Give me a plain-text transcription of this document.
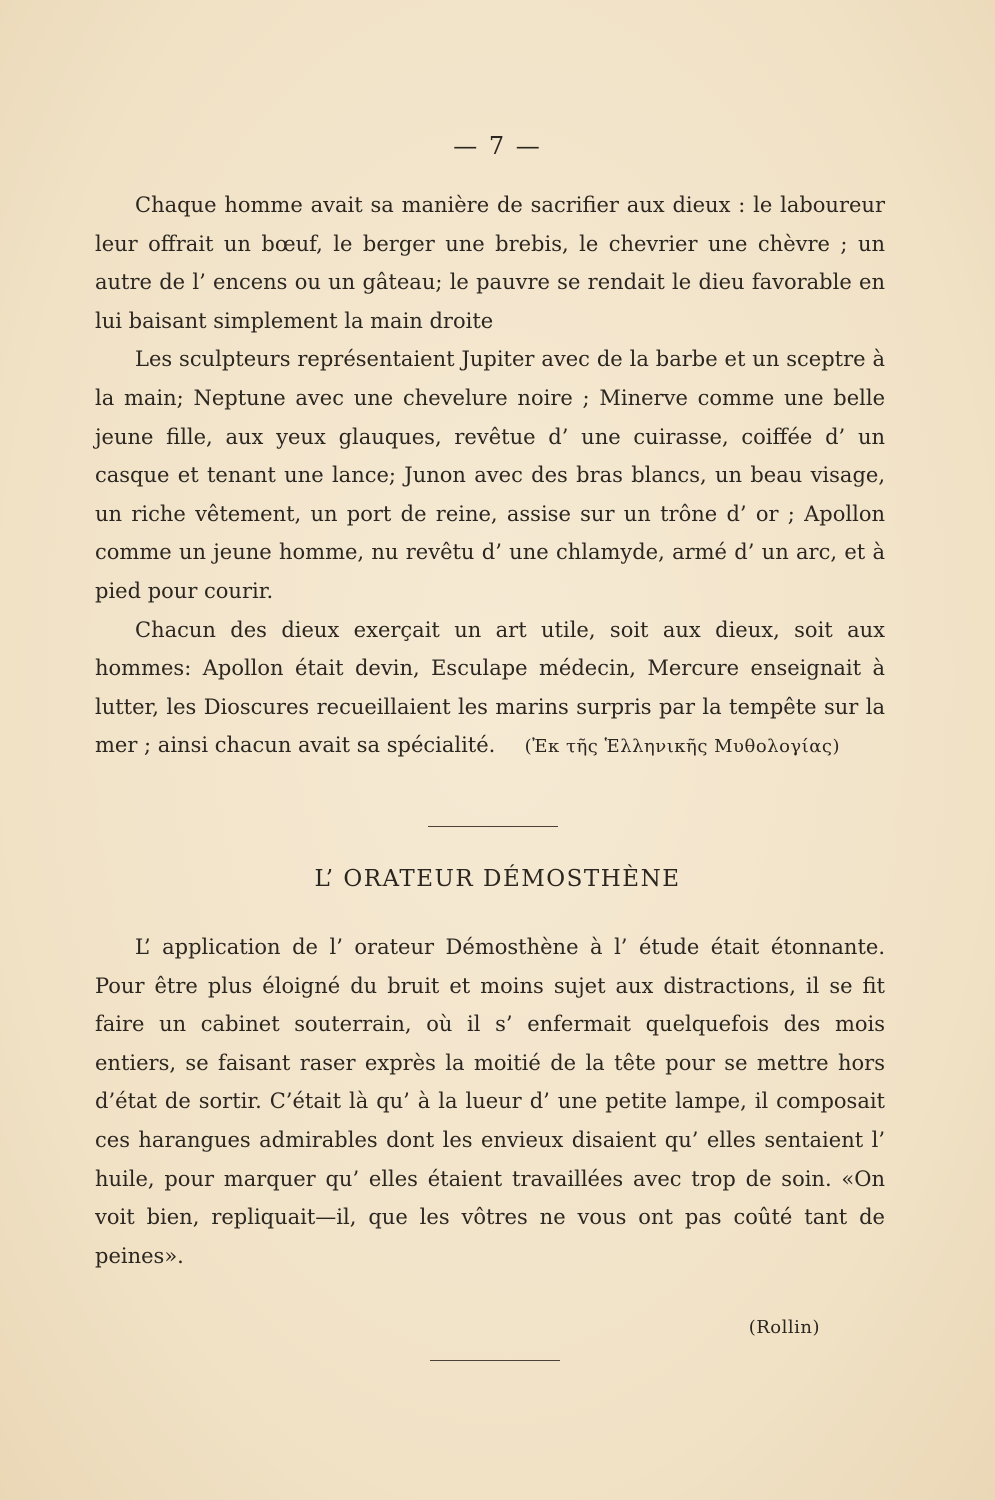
— 7 —

Chaque homme avait sa manière de sacrifier aux dieux : le laboureur leur offrait un bœuf, le berger une brebis, le chevrier une chèvre ; un autre de l’ encens ou un gâteau; le pauvre se rendait le dieu favorable en lui baisant simplement la main droite

Les sculpteurs représentaient Jupiter avec de la barbe et un sceptre à la main; Neptune avec une chevelure noire ; Minerve comme une belle jeune fille, aux yeux glauques, revêtue d’ une cuirasse, coiffée d’ un casque et tenant une lance; Junon avec des bras blancs, un beau visage, un riche vêtement, un port de reine, assise sur un trône d’ or ; Apollon comme un jeune homme, nu revêtu d’ une chlamyde, armé d’ un arc, et à pied pour courir.

Chacun des dieux exerçait un art utile, soit aux dieux, soit aux hommes: Apollon était devin, Esculape médecin, Mercure enseignait à lutter, les Dioscures recueillaient les marins surpris par la tempête sur la mer ; ainsi chacun avait sa spécialité.	(Ἐκ τῆς Ἑλληνικῆς Μυθολογίας)
L’ ORATEUR DÉMOSTHÈNE

L’ application de l’ orateur Démosthène à l’ étude était étonnante. Pour être plus éloigné du bruit et moins sujet aux distractions, il se fit faire un cabinet souterrain, où il s’ enfermait quelquefois des mois entiers, se faisant raser exprès la moitié de la tête pour se mettre hors d’état de sortir. C’était là qu’ à la lueur d’ une petite lampe, il composait ces harangues admirables dont les envieux disaient qu’ elles sentaient l’ huile, pour marquer qu’ elles étaient travaillées avec trop de soin. «On voit bien, repliquait—il, que les vôtres ne vous ont pas coûté tant de peines».

(Rollin)
